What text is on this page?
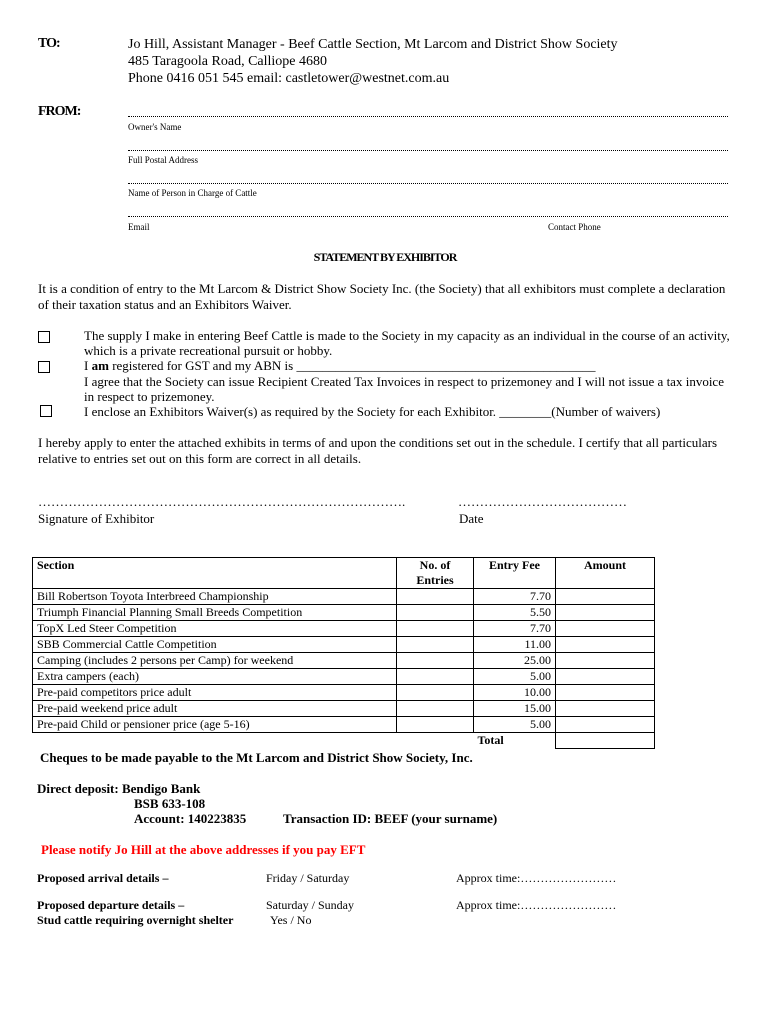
TO:	Jo Hill, Assistant Manager - Beef Cattle Section, Mt Larcom and District Show Society
485 Taragoola Road, Calliope 4680
Phone 0416 051 545 email: castletower@westnet.com.au
FROM:
Owner's Name
Full Postal Address
Name of Person in Charge of Cattle
Email	Contact Phone
STATEMENT BY EXHIBITOR
It is a condition of entry to the Mt Larcom & District Show Society Inc. (the Society) that all exhibitors must complete a declaration of their taxation status and an Exhibitors Waiver.
The supply I make in entering Beef Cattle is made to the Society in my capacity as an individual in the course of an activity, which is a private recreational pursuit or hobby.
I am registered for GST and my ABN is ______________________________________________
I agree that the Society can issue Recipient Created Tax Invoices in respect to prizemoney and I will not issue a tax invoice in respect to prizemoney.
I enclose an Exhibitors Waiver(s) as required by the Society for each Exhibitor. ________(Number of waivers)
I hereby apply to enter the attached exhibits in terms of and upon the conditions set out in the schedule. I certify that all particulars relative to entries set out on this form are correct in all details.
………………………………………………………………………….	…………………………………
Signature of Exhibitor	Date
Section	No. of Entries	Entry Fee	Amount
Bill Robertson Toyota Interbreed Championship		7.70	
Triumph Financial Planning Small Breeds Competition		5.50	
TopX Led Steer Competition		7.70	
SBB Commercial Cattle Competition		11.00	
Camping (includes 2 persons per Camp) for weekend		25.00	
Extra campers (each)		5.00	
Pre-paid competitors price adult		10.00	
Pre-paid weekend price adult		15.00	
Pre-paid Child or pensioner price (age 5-16)		5.00	
		Total	
Cheques to be made payable to the Mt Larcom and District Show Society, Inc.
Direct deposit: Bendigo Bank
BSB 633-108
Account: 140223835	Transaction ID: BEEF (your surname)
Please notify Jo Hill at the above addresses if you pay EFT
Proposed arrival details –	Friday / Saturday	Approx time:……………………
Proposed departure details –	Saturday / Sunday	Approx time:……………………
Stud cattle requiring overnight shelter	Yes / No
